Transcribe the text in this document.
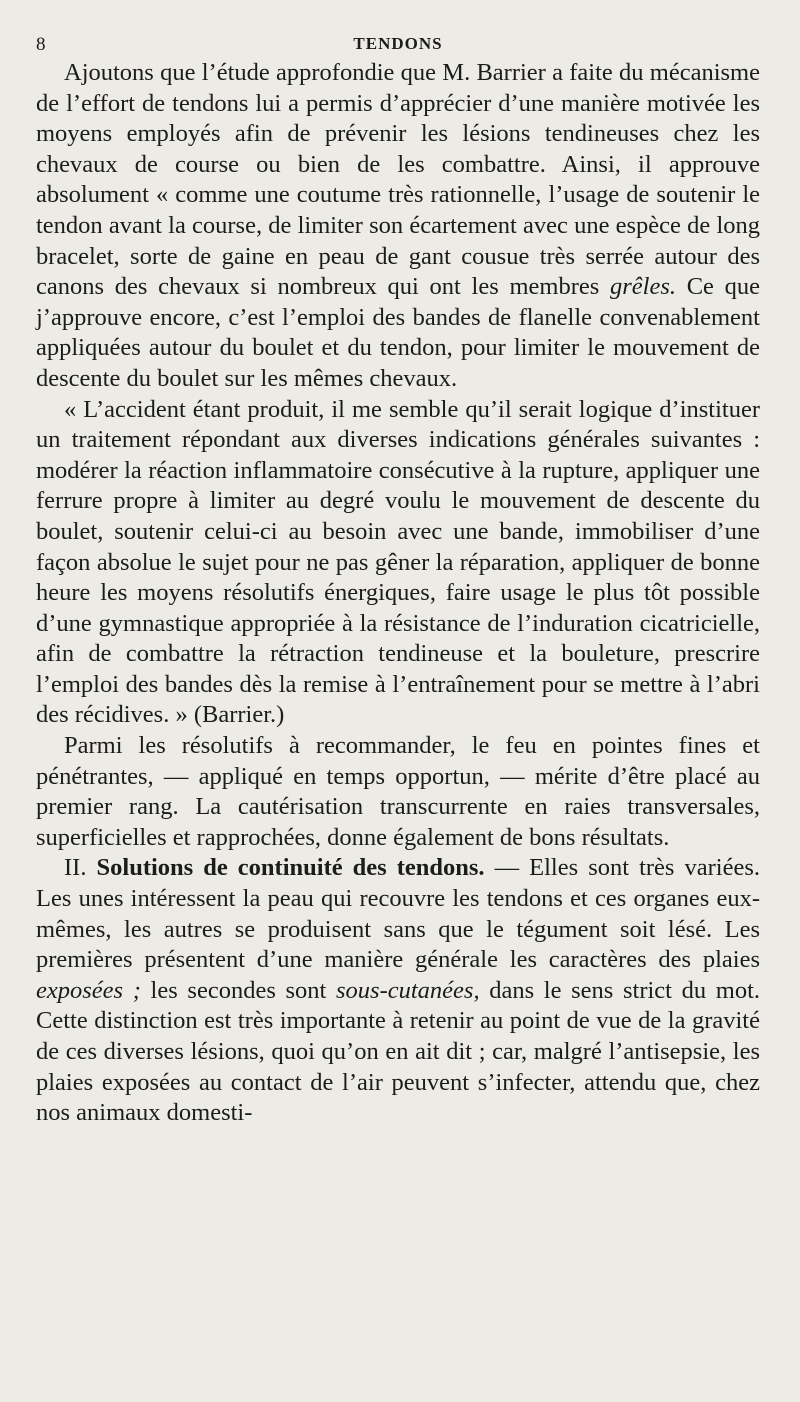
8	TENDONS

Ajoutons que l’étude approfondie que M. Barrier a faite du mécanisme de l’effort de tendons lui a permis d’apprécier d’une manière motivée les moyens employés afin de prévenir les lésions tendineuses chez les chevaux de course ou bien de les combattre. Ainsi, il approuve absolument « comme une coutume très rationnelle, l’usage de soutenir le tendon avant la course, de limiter son écartement avec une espèce de long bracelet, sorte de gaine en peau de gant cousue très serrée autour des canons des chevaux si nombreux qui ont les membres grêles. Ce que j’approuve encore, c’est l’emploi des bandes de flanelle convenablement appliquées autour du boulet et du tendon, pour limiter le mouvement de descente du boulet sur les mêmes chevaux.

« L’accident étant produit, il me semble qu’il serait logique d’instituer un traitement répondant aux diverses indications générales suivantes : modérer la réaction inflammatoire consécutive à la rupture, appliquer une ferrure propre à limiter au degré voulu le mouvement de descente du boulet, soutenir celui-ci au besoin avec une bande, immobiliser d’une façon absolue le sujet pour ne pas gêner la réparation, appliquer de bonne heure les moyens résolutifs énergiques, faire usage le plus tôt possible d’une gymnastique appropriée à la résistance de l’induration cicatricielle, afin de combattre la rétraction tendineuse et la bouleture, prescrire l’emploi des bandes dès la remise à l’entraînement pour se mettre à l’abri des récidives. » (Barrier.)

Parmi les résolutifs à recommander, le feu en pointes fines et pénétrantes, — appliqué en temps opportun, — mérite d’être placé au premier rang. La cautérisation transcurrente en raies transversales, superficielles et rapprochées, donne également de bons résultats.

II. Solutions de continuité des tendons. — Elles sont très variées. Les unes intéressent la peau qui recouvre les tendons et ces organes eux-mêmes, les autres se produisent sans que le tégument soit lésé. Les premières présentent d’une manière générale les caractères des plaies exposées ; les secondes sont sous-cutanées, dans le sens strict du mot. Cette distinction est très importante à retenir au point de vue de la gravité de ces diverses lésions, quoi qu’on en ait dit ; car, malgré l’antisepsie, les plaies exposées au contact de l’air peuvent s’infecter, attendu que, chez nos animaux domesti-
